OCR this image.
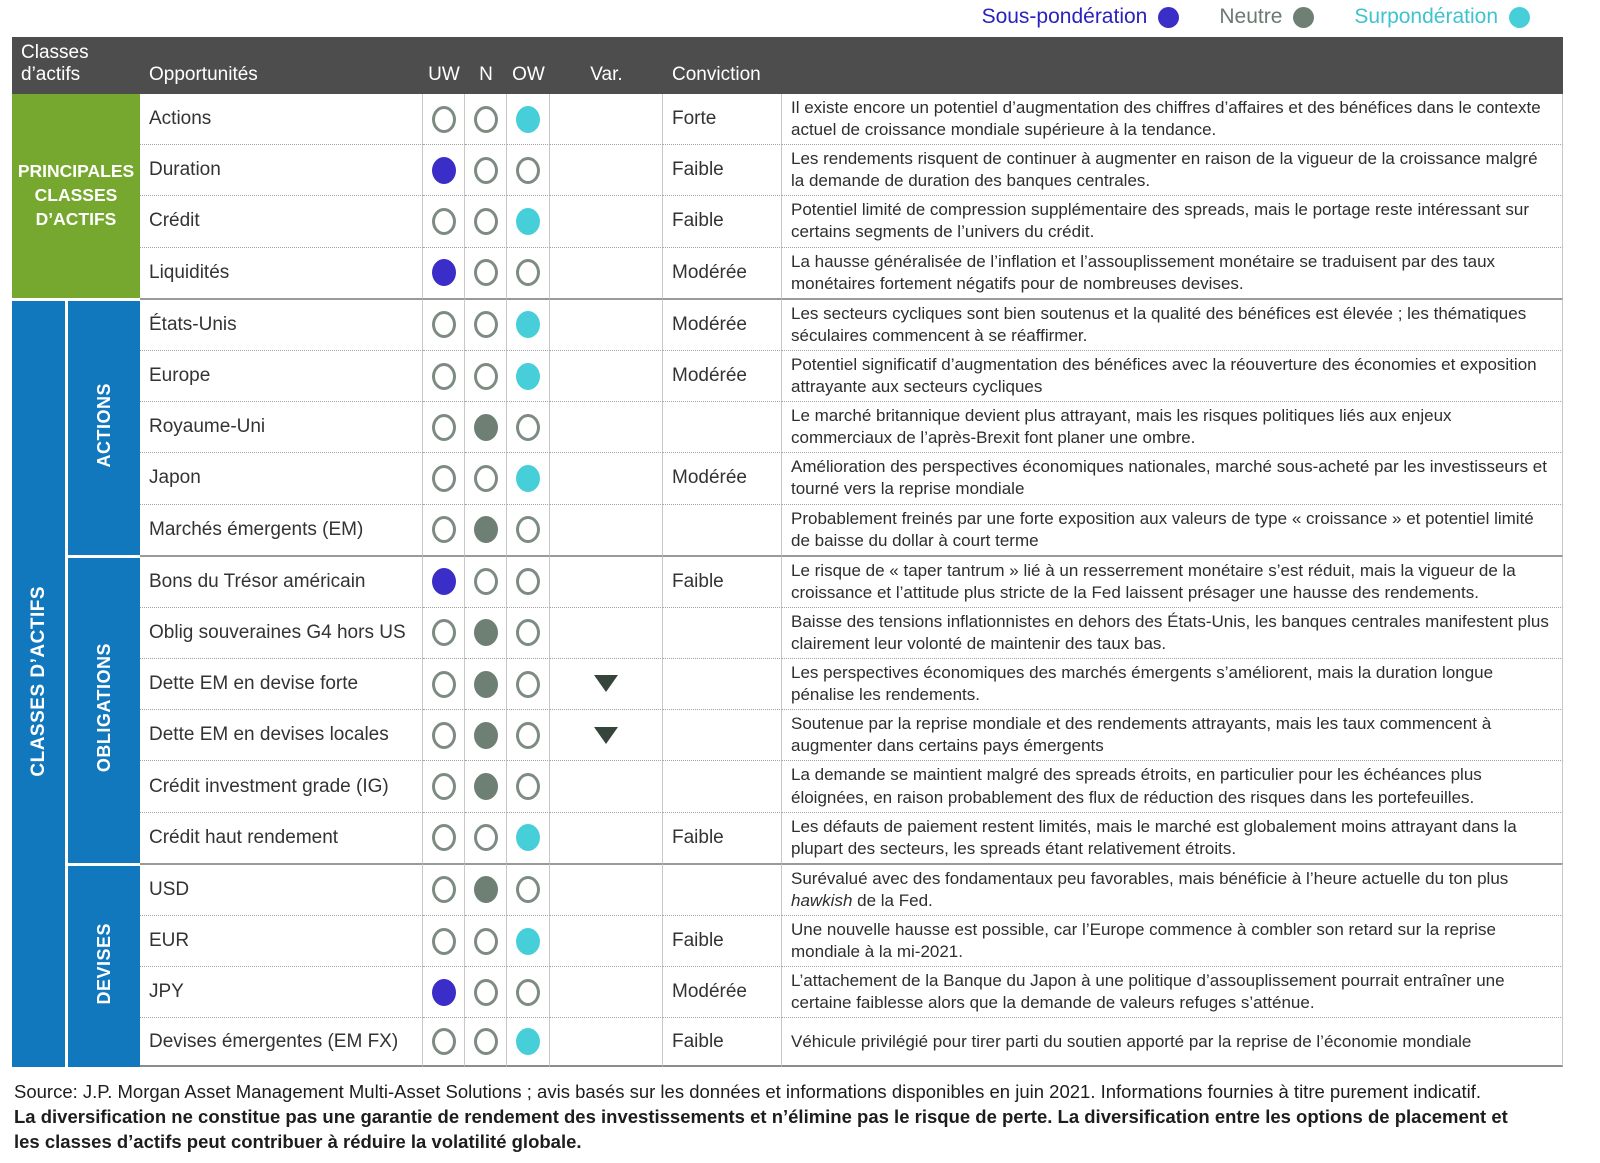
Sous-pondération	Neutre	Surpondération
Classes d’actifs		Opportunités	UW	N	OW	Var.	Conviction	
PRINCIPALES CLASSES D’ACTIFS		Actions					Forte	Il existe encore un potentiel d’augmentation des chiffres d’affaires et des bénéfices dans le contexte actuel de croissance mondiale supérieure à la tendance.
		Duration					Faible	Les rendements risquent de continuer à augmenter en raison de la vigueur de la croissance malgré la demande de duration des banques centrales.
		Crédit					Faible	Potentiel limité de compression supplémentaire des spreads, mais le portage reste intéressant sur certains segments de l’univers du crédit.
		Liquidités					Modérée	La hausse généralisée de l’inflation et l’assouplissement monétaire se traduisent par des taux monétaires fortement négatifs pour de nombreuses devises.
CLASSES D’ACTIFS	ACTIONS	États-Unis					Modérée	Les secteurs cycliques sont bien soutenus et la qualité des bénéfices est élevée ; les thématiques séculaires commencent à se réaffirmer.
		Europe					Modérée	Potentiel significatif d’augmentation des bénéfices avec la réouverture des économies et exposition attrayante aux secteurs cycliques
		Royaume-Uni						Le marché britannique devient plus attrayant, mais les risques politiques liés aux enjeux commerciaux de l’après-Brexit font planer une ombre.
		Japon					Modérée	Amélioration des perspectives économiques nationales, marché sous-acheté par les investisseurs et tourné vers la reprise mondiale
		Marchés émergents (EM)						Probablement freinés par une forte exposition aux valeurs de type « croissance » et potentiel limité de baisse du dollar à court terme
	OBLIGATIONS	Bons du Trésor américain					Faible	Le risque de « taper tantrum » lié à un resserrement monétaire s’est réduit, mais la vigueur de la croissance et l’attitude plus stricte de la Fed laissent présager une hausse des rendements.
		Oblig souveraines G4 hors US						Baisse des tensions inflationnistes en dehors des États-Unis, les banques centrales manifestent plus clairement leur volonté de maintenir des taux bas.
		Dette EM en devise forte						Les perspectives économiques des marchés émergents s’améliorent, mais la duration longue pénalise les rendements.
		Dette EM en devises locales						Soutenue par la reprise mondiale et des rendements attrayants, mais les taux commencent à augmenter dans certains pays émergents
		Crédit investment grade (IG)						La demande se maintient malgré des spreads étroits, en particulier pour les échéances plus éloignées, en raison probablement des flux de réduction des risques dans les portefeuilles.
		Crédit haut rendement					Faible	Les défauts de paiement restent limités, mais le marché est globalement moins attrayant dans la plupart des secteurs, les spreads étant relativement étroits.
	DEVISES	USD						Surévalué avec des fondamentaux peu favorables, mais bénéficie à l’heure actuelle du ton plus hawkish de la Fed.
		EUR					Faible	Une nouvelle hausse est possible, car l’Europe commence à combler son retard sur la reprise mondiale à la mi-2021.
		JPY					Modérée	L’attachement de la Banque du Japon à une politique d’assouplissement pourrait entraîner une certaine faiblesse alors que la demande de valeurs refuges s’atténue.
		Devises émergentes (EM FX)					Faible	Véhicule privilégié pour tirer parti du soutien apporté par la reprise de l’économie mondiale

Source: J.P. Morgan Asset Management Multi-Asset Solutions ; avis basés sur les données et informations disponibles en juin 2021. Informations fournies à titre purement indicatif.

La diversification ne constitue pas une garantie de rendement des investissements et n’élimine pas le risque de perte. La diversification entre les options de placement et les classes d’actifs peut contribuer à réduire la volatilité globale.
